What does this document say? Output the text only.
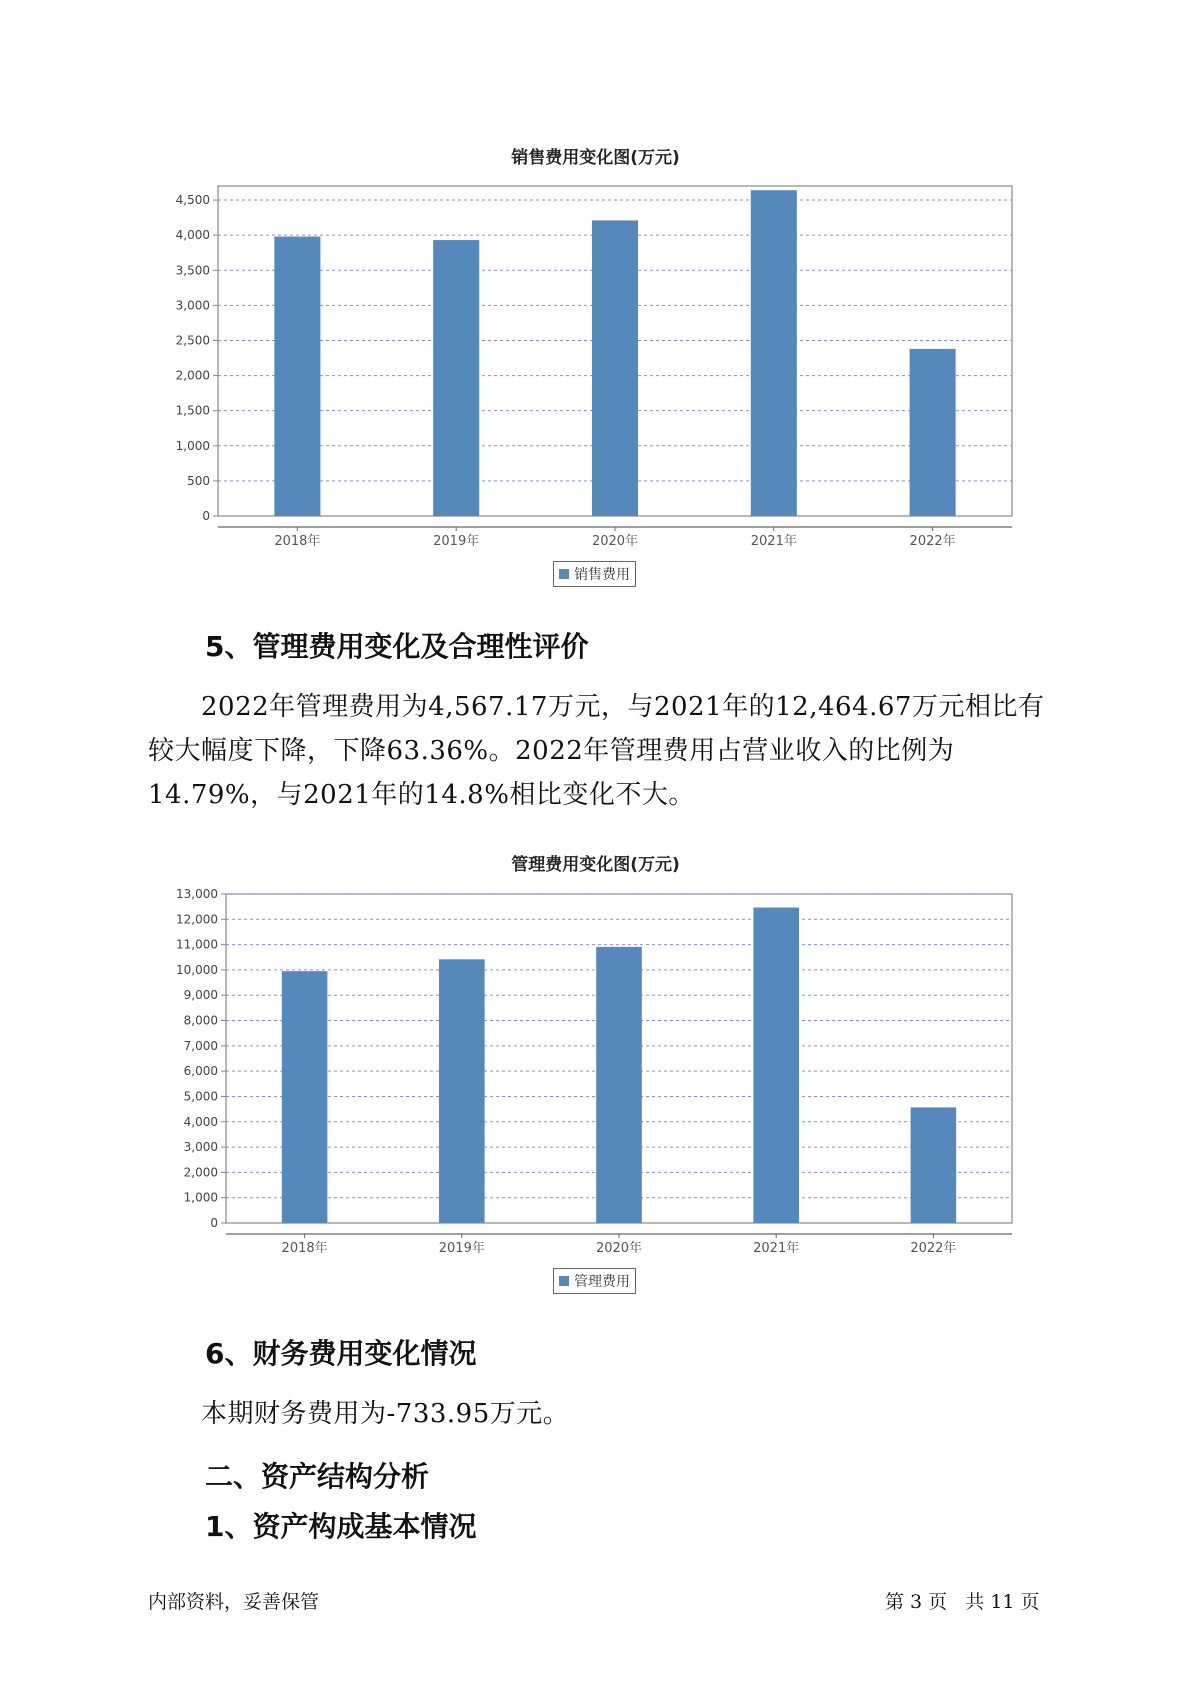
销售费用变化图(万元)
0
500
1,000
1,500
2,000
2,500
3,000
3,500
4,000
4,500
2018年	2019年	2020年	2021年	2022年
销售费用
5、管理费用变化及合理性评价
2022年管理费用为4,567.17万元，与2021年的12,464.67万元相比有较大幅度下降，下降63.36%。2022年管理费用占营业收入的比例为14.79%，与2021年的14.8%相比变化不大。
管理费用变化图(万元)
0
1,000
2,000
3,000
4,000
5,000
6,000
7,000
8,000
9,000
10,000
11,000
12,000
13,000
2018年	2019年	2020年	2021年	2022年
管理费用
6、财务费用变化情况
本期财务费用为-733.95万元。
二、资产结构分析
1、资产构成基本情况
内部资料，妥善保管	第 3 页   共 11 页
